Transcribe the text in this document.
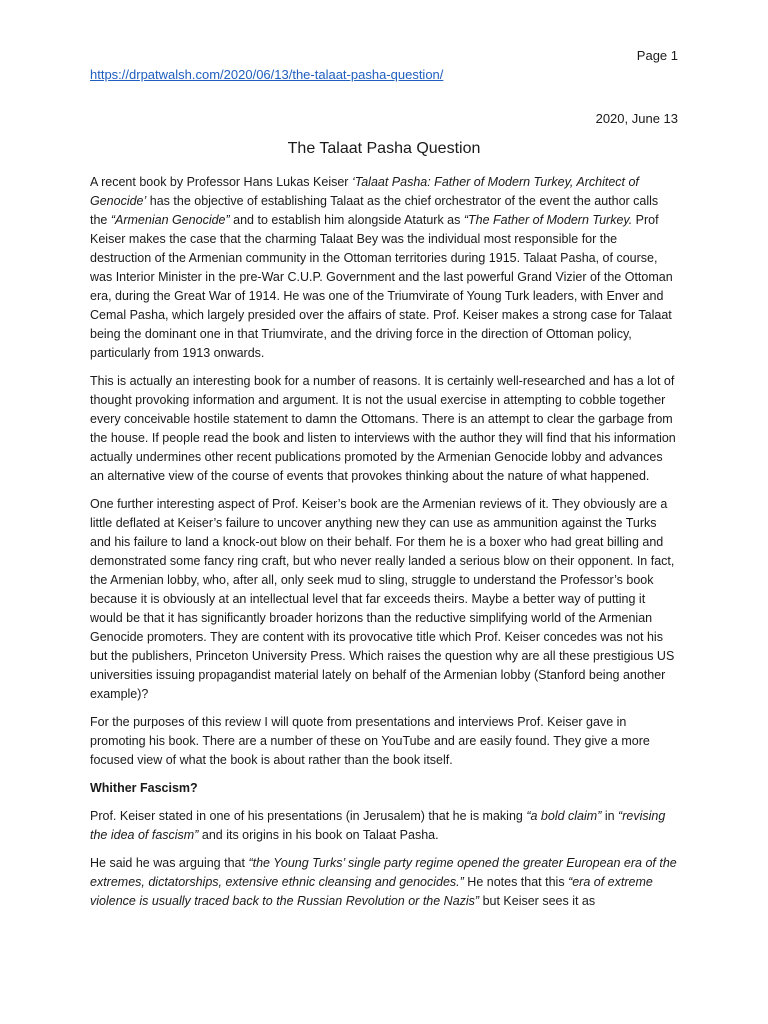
Page 1
https://drpatwalsh.com/2020/06/13/the-talaat-pasha-question/
2020, June 13
The Talaat Pasha Question

A recent book by Professor Hans Lukas Keiser ‘Talaat Pasha: Father of Modern Turkey, Architect of Genocide’ has the objective of establishing Talaat as the chief orchestrator of the event the author calls the “Armenian Genocide” and to establish him alongside Ataturk as “The Father of Modern Turkey. Prof Keiser makes the case that the charming Talaat Bey was the individual most responsible for the destruction of the Armenian community in the Ottoman territories during 1915. Talaat Pasha, of course, was Interior Minister in the pre-War C.U.P. Government and the last powerful Grand Vizier of the Ottoman era, during the Great War of 1914. He was one of the Triumvirate of Young Turk leaders, with Enver and Cemal Pasha, which largely presided over the affairs of state. Prof. Keiser makes a strong case for Talaat being the dominant one in that Triumvirate, and the driving force in the direction of Ottoman policy, particularly from 1913 onwards.

This is actually an interesting book for a number of reasons. It is certainly well-researched and has a lot of thought provoking information and argument. It is not the usual exercise in attempting to cobble together every conceivable hostile statement to damn the Ottomans. There is an attempt to clear the garbage from the house. If people read the book and listen to interviews with the author they will find that his information actually undermines other recent publications promoted by the Armenian Genocide lobby and advances an alternative view of the course of events that provokes thinking about the nature of what happened.

One further interesting aspect of Prof. Keiser’s book are the Armenian reviews of it. They obviously are a little deflated at Keiser’s failure to uncover anything new they can use as ammunition against the Turks and his failure to land a knock-out blow on their behalf. For them he is a boxer who had great billing and demonstrated some fancy ring craft, but who never really landed a serious blow on their opponent. In fact, the Armenian lobby, who, after all, only seek mud to sling, struggle to understand the Professor’s book because it is obviously at an intellectual level that far exceeds theirs. Maybe a better way of putting it would be that it has significantly broader horizons than the reductive simplifying world of the Armenian Genocide promoters. They are content with its provocative title which Prof. Keiser concedes was not his but the publishers, Princeton University Press. Which raises the question why are all these prestigious US universities issuing propagandist material lately on behalf of the Armenian lobby (Stanford being another example)?

For the purposes of this review I will quote from presentations and interviews Prof. Keiser gave in promoting his book. There are a number of these on YouTube and are easily found. They give a more focused view of what the book is about rather than the book itself.

Whither Fascism?

Prof. Keiser stated in one of his presentations (in Jerusalem) that he is making “a bold claim” in “revising the idea of fascism” and its origins in his book on Talaat Pasha.

He said he was arguing that “the Young Turks’ single party regime opened the greater European era of the extremes, dictatorships, extensive ethnic cleansing and genocides.” He notes that this “era of extreme violence is usually traced back to the Russian Revolution or the Nazis” but Keiser sees it as
